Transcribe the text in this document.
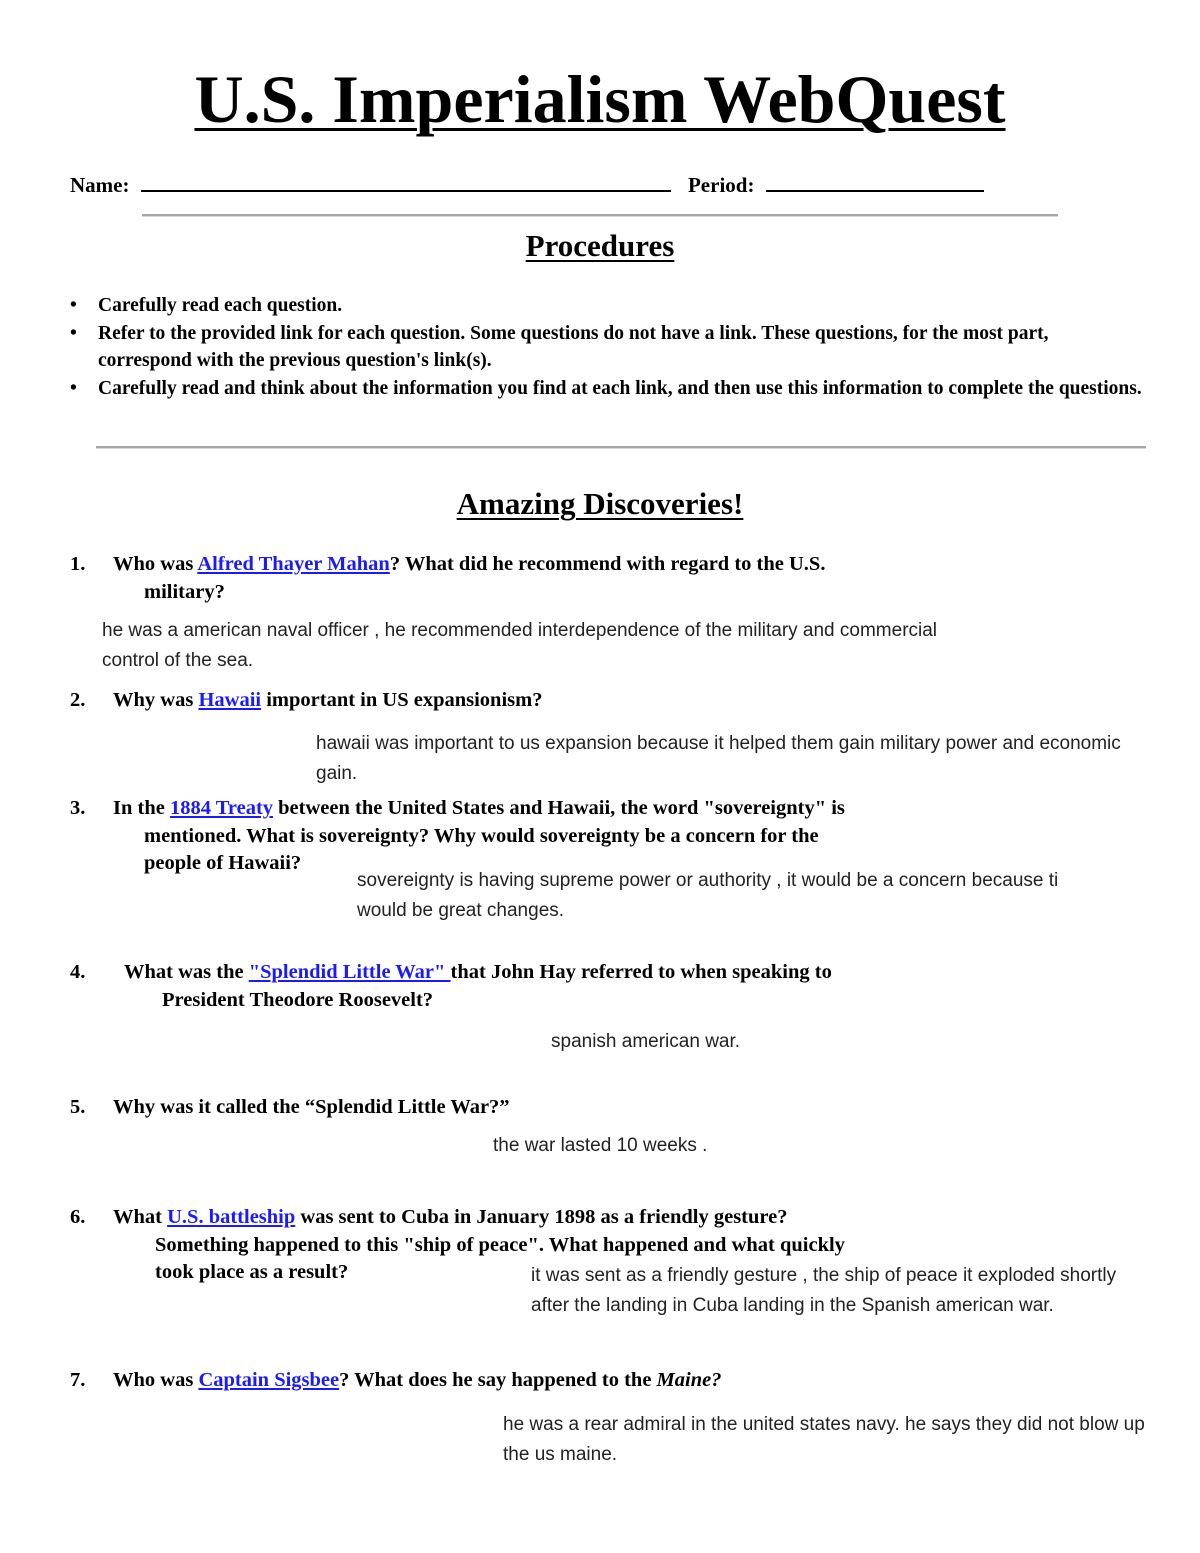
U.S. Imperialism WebQuest
Name:	Period:
Procedures
• Carefully read each question.
• Refer to the provided link for each question. Some questions do not have a link. These questions, for the most part, correspond with the previous question's link(s).
• Carefully read and think about the information you find at each link, and then use this information to complete the questions.
Amazing Discoveries!
1. Who was Alfred Thayer Mahan? What did he recommend with regard to the U.S.
military?
he was a american naval officer , he recommended interdependence of the military and commercial
control of the sea.
2. Why was Hawaii important in US expansionism?
hawaii was important to us expansion because it helped them gain military power and economic
gain.
3. In the 1884 Treaty between the United States and Hawaii, the word "sovereignty" is
mentioned. What is sovereignty? Why would sovereignty be a concern for the
people of Hawaii?
sovereignty is having supreme power or authority , it would be a concern because ti
would be great changes.
4. What was the "Splendid Little War" that John Hay referred to when speaking to
President Theodore Roosevelt?
spanish american war.
5. Why was it called the “Splendid Little War?”
the war lasted 10 weeks .
6. What U.S. battleship was sent to Cuba in January 1898 as a friendly gesture?
Something happened to this "ship of peace". What happened and what quickly
took place as a result?	it was sent as a friendly gesture , the ship of peace it exploded shortly
after the landing in Cuba landing in the Spanish american war.
7. Who was Captain Sigsbee? What does he say happened to the Maine?
he was a rear admiral in the united states navy. he says they did not blow up
the us maine.
